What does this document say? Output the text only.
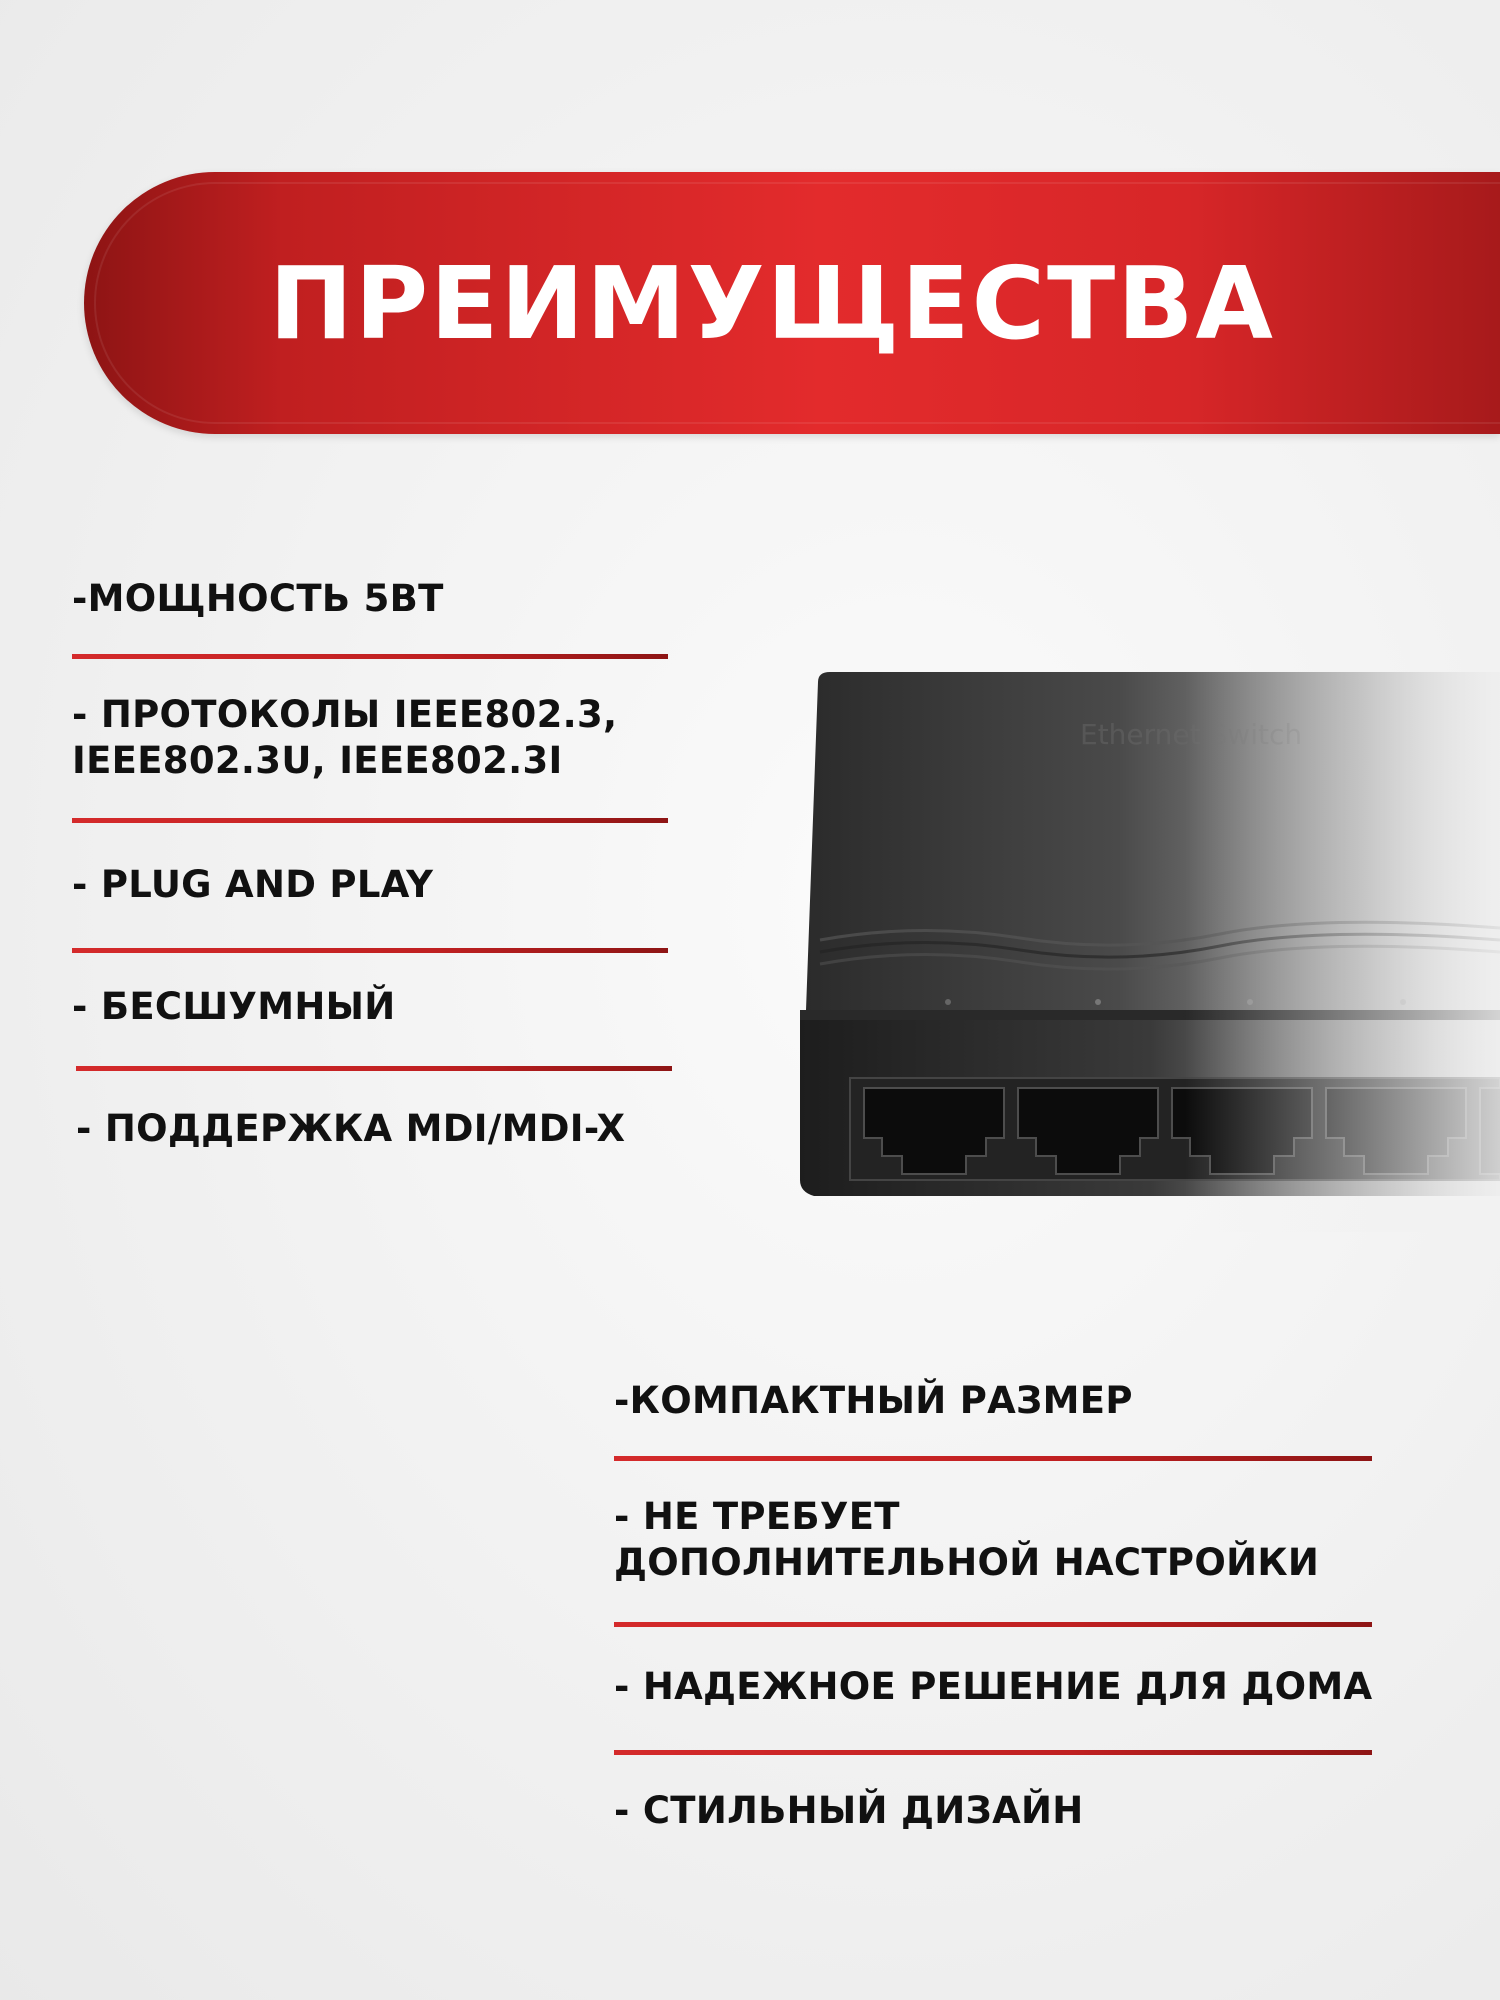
ПРЕИМУЩЕСТВА
-МОЩНОСТЬ 5ВТ
- ПРОТОКОЛЫ IEEE802.3,
IEEE802.3U, IEEE802.3I
- PLUG AND PLAY
- БЕСШУМНЫЙ
- ПОДДЕРЖКА MDI/MDI-X
-КОМПАКТНЫЙ РАЗМЕР
- НЕ ТРЕБУЕТ
ДОПОЛНИТЕЛЬНОЙ НАСТРОЙКИ
- НАДЕЖНОЕ РЕШЕНИЕ ДЛЯ ДОМА
- СТИЛЬНЫЙ ДИЗАЙН
